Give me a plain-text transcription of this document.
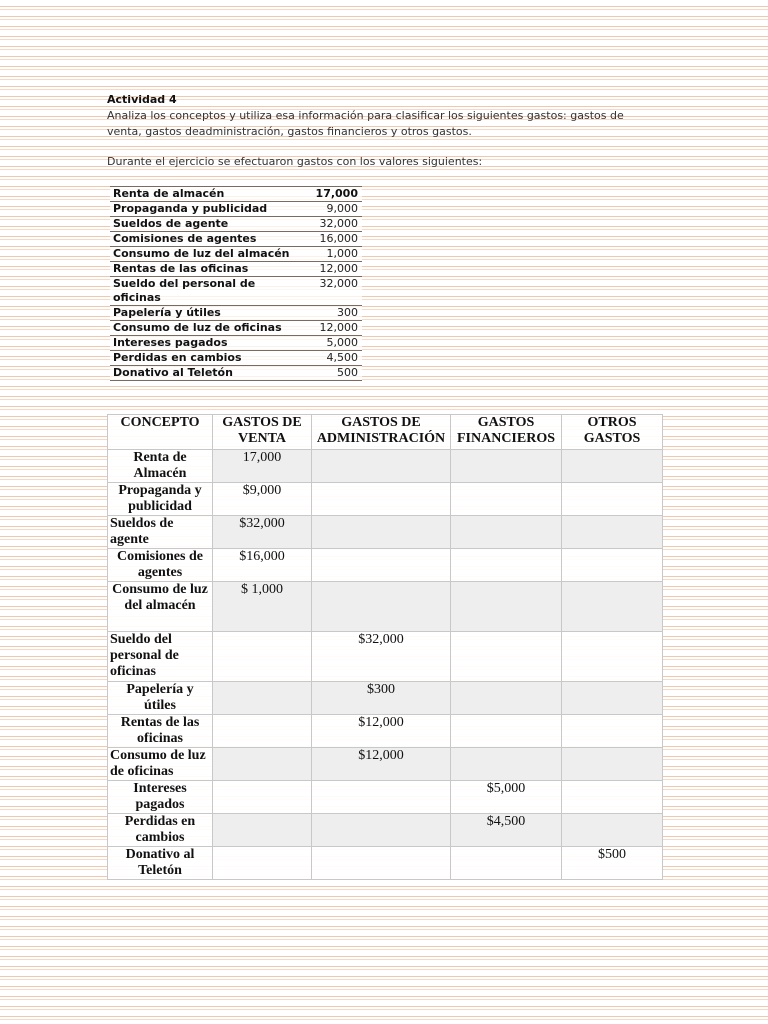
Actividad 4

Analiza los conceptos y utiliza esa información para clasificar los siguientes gastos: gastos de venta, gastos deadministración, gastos financieros y otros gastos.

Durante el ejercicio se efectuaron gastos con los valores siguientes:

Renta de almacén	17,000
Propaganda y publicidad	9,000
Sueldos de agente	32,000
Comisiones de agentes	16,000
Consumo de luz del almacén	1,000
Rentas de las oficinas	12,000
Sueldo del personal de oficinas	32,000
Papelería y útiles	300
Consumo de luz de oficinas	12,000
Intereses pagados	5,000
Perdidas en cambios	4,500
Donativo al Teletón	500
CONCEPTO	GASTOS DE VENTA	GASTOS DE ADMINISTRACIÓN	GASTOS FINANCIEROS	OTROS GASTOS
Renta de Almacén	17,000			
Propaganda y publicidad	$9,000			
Sueldos de agente	$32,000			
Comisiones de agentes	$16,000			
Consumo de luz del almacén	$ 1,000			
Sueldo del personal de oficinas		$32,000		
Papelería y útiles		$300		
Rentas de las oficinas		$12,000		
Consumo de luz de oficinas		$12,000		
Intereses pagados			$5,000	
Perdidas en cambios			$4,500	
Donativo al Teletón				$500
